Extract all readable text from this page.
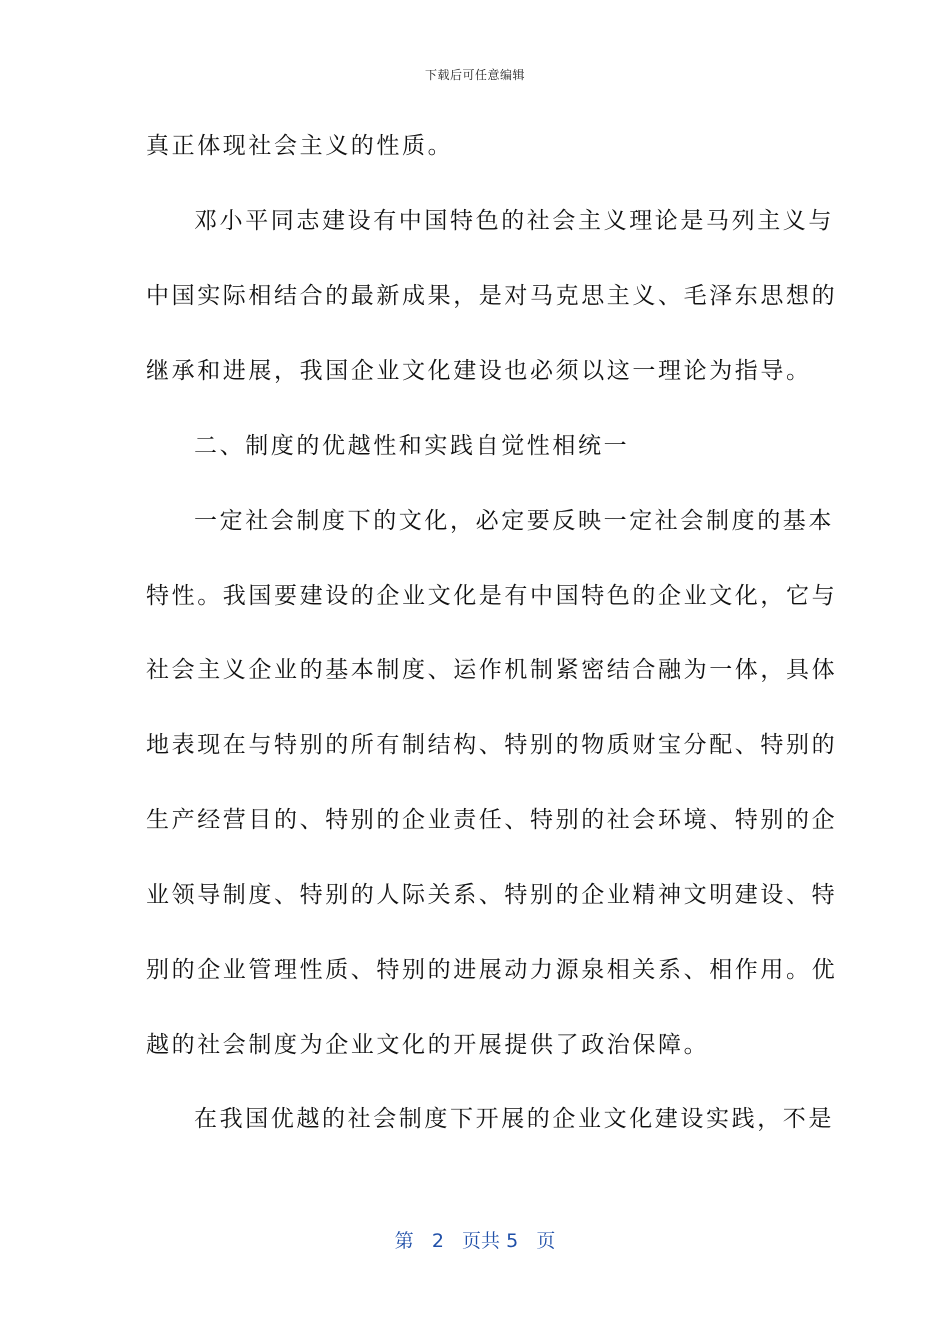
下载后可任意编辑
真正体现社会主义的性质。
邓小平同志建设有中国特色的社会主义理论是马列主义与
中国实际相结合的最新成果，是对马克思主义、毛泽东思想的
继承和进展，我国企业文化建设也必须以这一理论为指导。
二、制度的优越性和实践自觉性相统一
一定社会制度下的文化，必定要反映一定社会制度的基本
特性。我国要建设的企业文化是有中国特色的企业文化，它与
社会主义企业的基本制度、运作机制紧密结合融为一体，具体
地表现在与特别的所有制结构、特别的物质财宝分配、特别的
生产经营目的、特别的企业责任、特别的社会环境、特别的企
业领导制度、特别的人际关系、特别的企业精神文明建设、特
别的企业管理性质、特别的进展动力源泉相关系、相作用。优
越的社会制度为企业文化的开展提供了政治保障。
在我国优越的社会制度下开展的企业文化建设实践，不是
第 2 页共 5 页
